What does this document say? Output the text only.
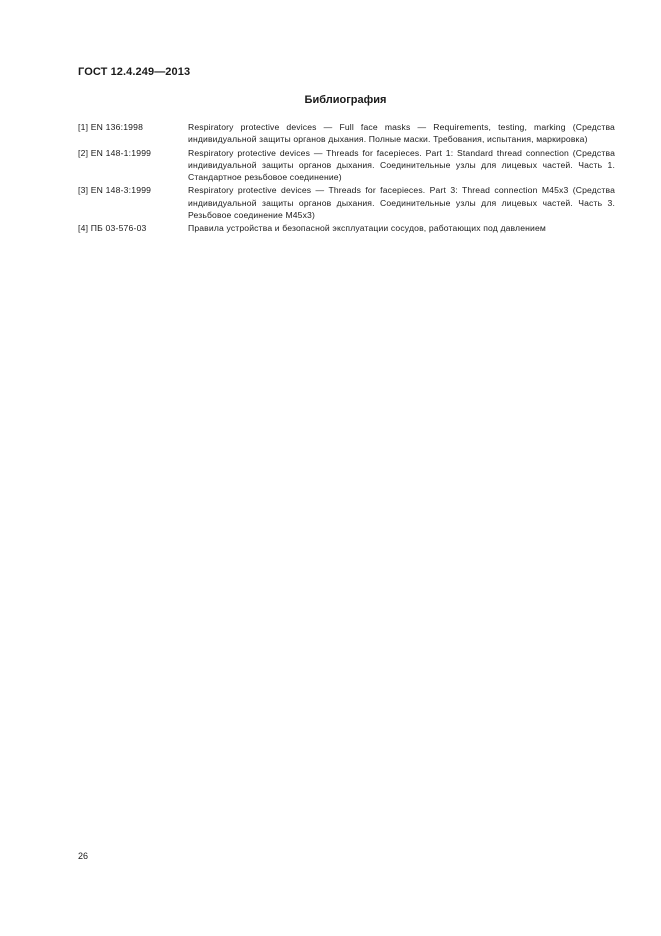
ГОСТ 12.4.249—2013
Библиография
[1] EN 136:1998	Respiratory protective devices — Full face masks — Requirements, testing, marking (Средства индивидуальной защиты органов дыхания. Полные маски. Требования, испытания, маркировка)
[2] EN 148-1:1999	Respiratory protective devices — Threads for facepieces. Part 1: Standard thread connection (Средства индивидуальной защиты органов дыхания. Соединительные узлы для лицевых частей. Часть 1. Стандартное резьбовое соединение)
[3] EN 148-3:1999	Respiratory protective devices — Threads for facepieces. Part 3: Thread connection M45x3 (Средства индивидуальной защиты органов дыхания. Соединительные узлы для лицевых частей. Часть 3. Резьбовое соединение M45x3)
[4] ПБ 03-576-03	Правила устройства и безопасной эксплуатации сосудов, работающих под давлением
26
